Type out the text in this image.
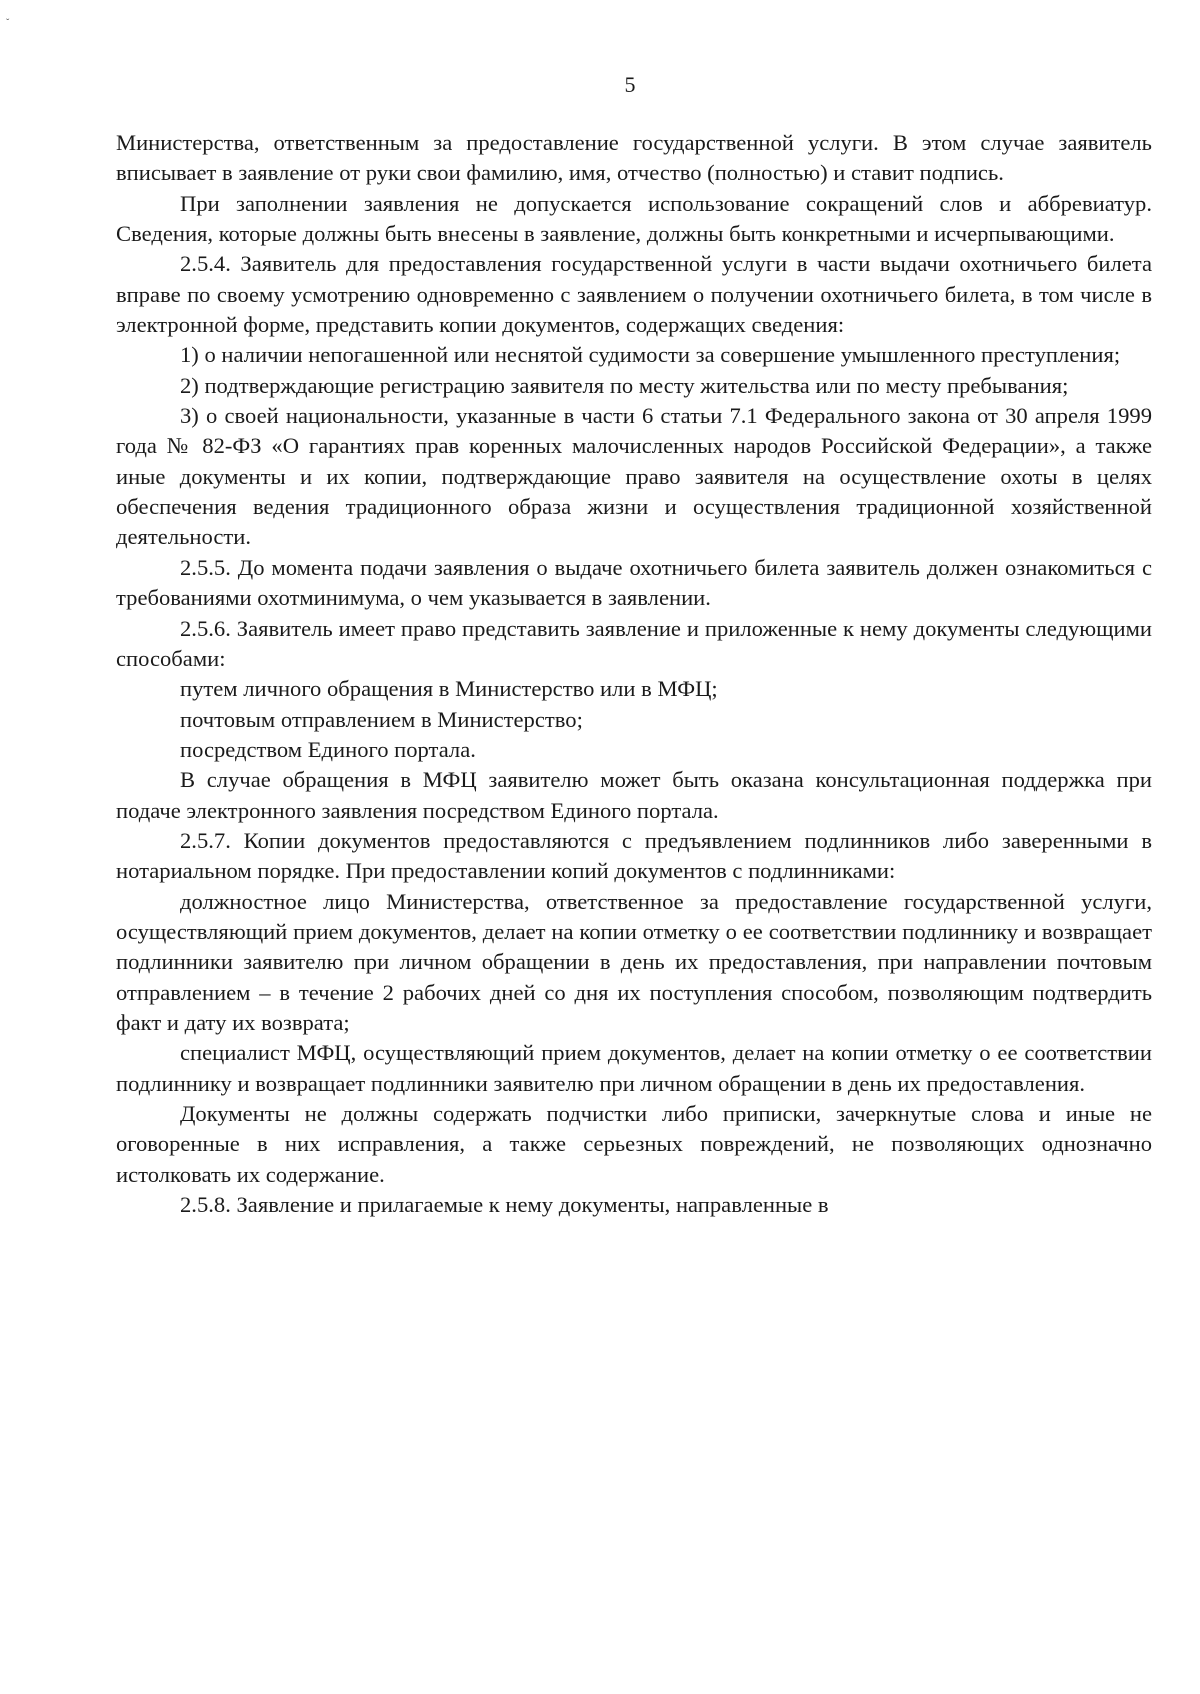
ˇ
5

Министерства, ответственным за предоставление государственной услуги. В этом случае заявитель вписывает в заявление от руки свои фамилию, имя, отчество (полностью) и ставит подпись.

При заполнении заявления не допускается использование сокращений слов и аббревиатур. Сведения, которые должны быть внесены в заявление, должны быть конкретными и исчерпывающими.

2.5.4. Заявитель для предоставления государственной услуги в части выдачи охотничьего билета вправе по своему усмотрению одновременно с заявлением о получении охотничьего билета, в том числе в электронной форме, представить копии документов, содержащих сведения:

1) о наличии непогашенной или неснятой судимости за совершение умышленного преступления;

2) подтверждающие регистрацию заявителя по месту жительства или по месту пребывания;

3) о своей национальности, указанные в части 6 статьи 7.1 Федерального закона от 30 апреля 1999 года № 82-ФЗ «О гарантиях прав коренных малочисленных народов Российской Федерации», а также иные документы и их копии, подтверждающие право заявителя на осуществление охоты в целях обеспечения ведения традиционного образа жизни и осуществления традиционной хозяйственной деятельности.

2.5.5. До момента подачи заявления о выдаче охотничьего билета заявитель должен ознакомиться с требованиями охотминимума, о чем указывается в заявлении.

2.5.6. Заявитель имеет право представить заявление и приложенные к нему документы следующими способами:

путем личного обращения в Министерство или в МФЦ;

почтовым отправлением в Министерство;

посредством Единого портала.

В случае обращения в МФЦ заявителю может быть оказана консультационная поддержка при подаче электронного заявления посредством Единого портала.

2.5.7. Копии документов предоставляются с предъявлением подлинников либо заверенными в нотариальном порядке. При предоставлении копий документов с подлинниками:

должностное лицо Министерства, ответственное за предоставление государственной услуги, осуществляющий прием документов, делает на копии отметку о ее соответствии подлиннику и возвращает подлинники заявителю при личном обращении в день их предоставления, при направлении почтовым отправлением – в течение 2 рабочих дней со дня их поступления способом, позволяющим подтвердить факт и дату их возврата;

специалист МФЦ, осуществляющий прием документов, делает на копии отметку о ее соответствии подлиннику и возвращает подлинники заявителю при личном обращении в день их предоставления.

Документы не должны содержать подчистки либо приписки, зачеркнутые слова и иные не оговоренные в них исправления, а также серьезных повреждений, не позволяющих однозначно истолковать их содержание.

2.5.8. Заявление и прилагаемые к нему документы, направленные в
